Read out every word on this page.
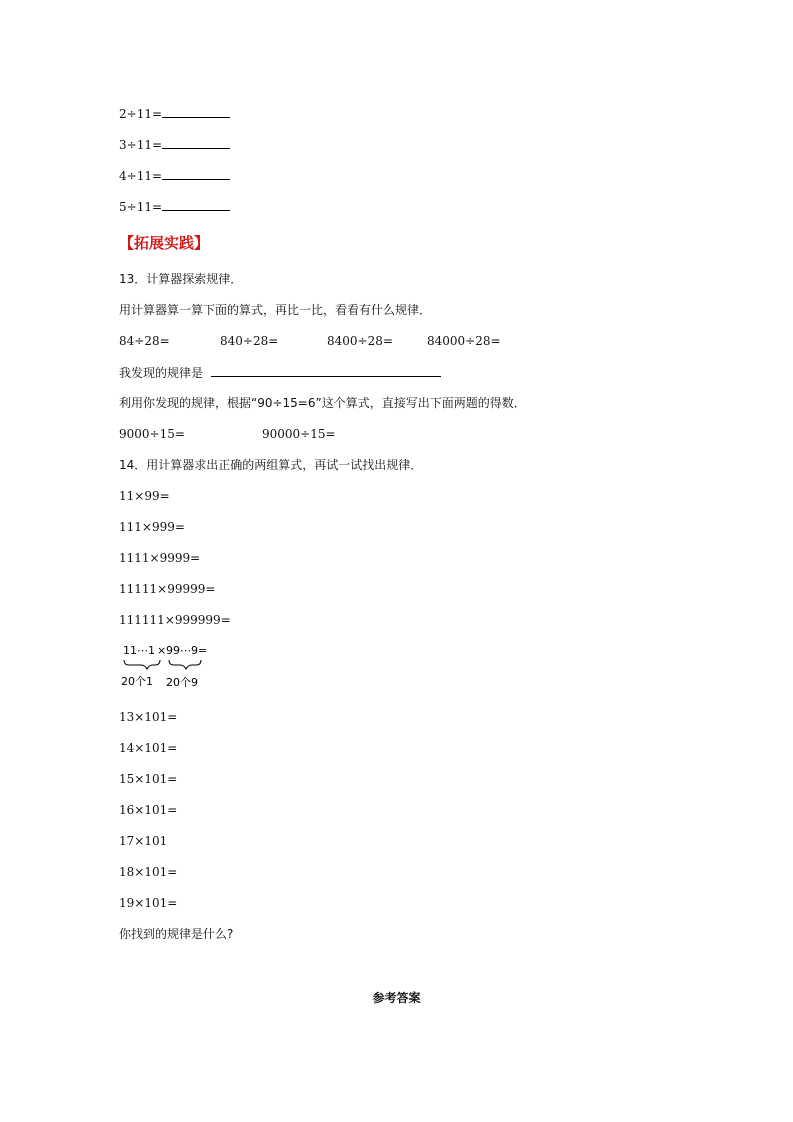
2÷11=
3÷11=
4÷11=
5÷11=
【拓展实践】
13．计算器探索规律．
用计算器算一算下面的算式，再比一比，看看有什么规律．
84÷28=	840÷28=	8400÷28=	84000÷28=
我发现的规律是
利用你发现的规律，根据“90÷15=6”这个算式，直接写出下面两题的得数．
9000÷15=	90000÷15=
14．用计算器求出正确的两组算式，再试一试找出规律．
11×99=
111×999=
1111×9999=
11111×99999=
111111×999999=
11⋯1 × 99⋯9 =
20个1 20个9
13×101=
14×101=
15×101=
16×101=
17×101
18×101=
19×101=
你找到的规律是什么?
参考答案
